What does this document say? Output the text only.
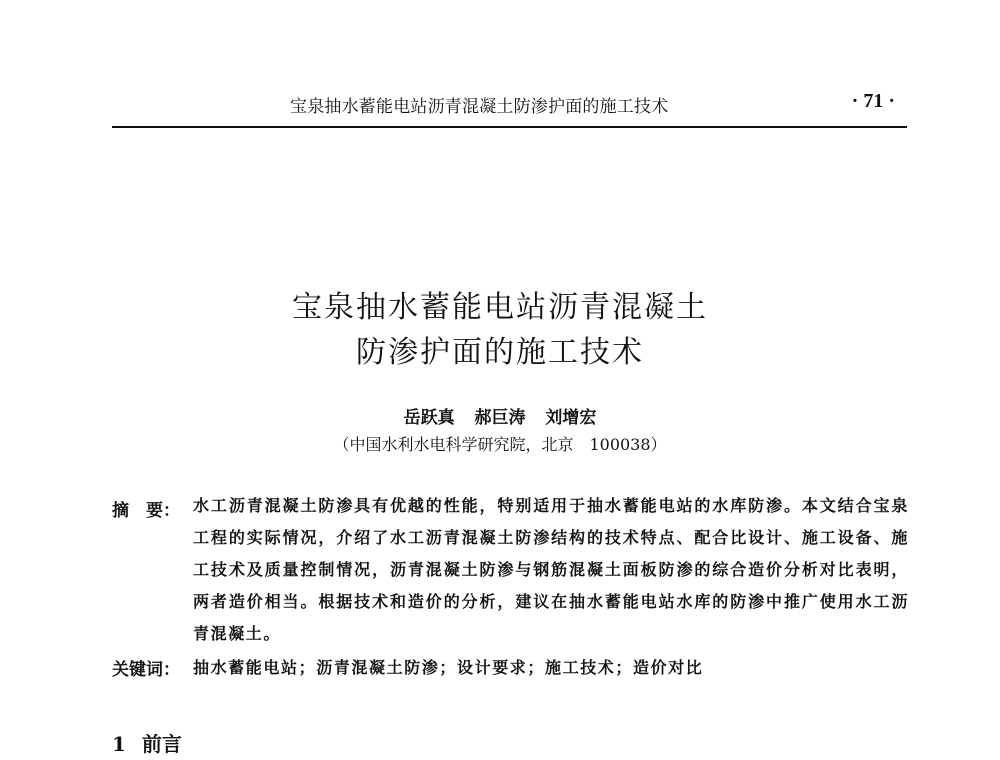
宝泉抽水蓄能电站沥青混凝土防渗护面的施工技术	· 71 ·
宝泉抽水蓄能电站沥青混凝土
防渗护面的施工技术
岳跃真 郝巨涛 刘增宏
（中国水利水电科学研究院，北京　100038）
摘　要： 水工沥青混凝土防渗具有优越的性能，特别适用于抽水蓄能电站的水库防渗。本文结合宝泉工程的实际情况，介绍了水工沥青混凝土防渗结构的技术特点、配合比设计、施工设备、施工技术及质量控制情况，沥青混凝土防渗与钢筋混凝土面板防渗的综合造价分析对比表明，两者造价相当。根据技术和造价的分析，建议在抽水蓄能电站水库的防渗中推广使用水工沥青混凝土。
关键词： 抽水蓄能电站；沥青混凝土防渗；设计要求；施工技术；造价对比
1 前言
